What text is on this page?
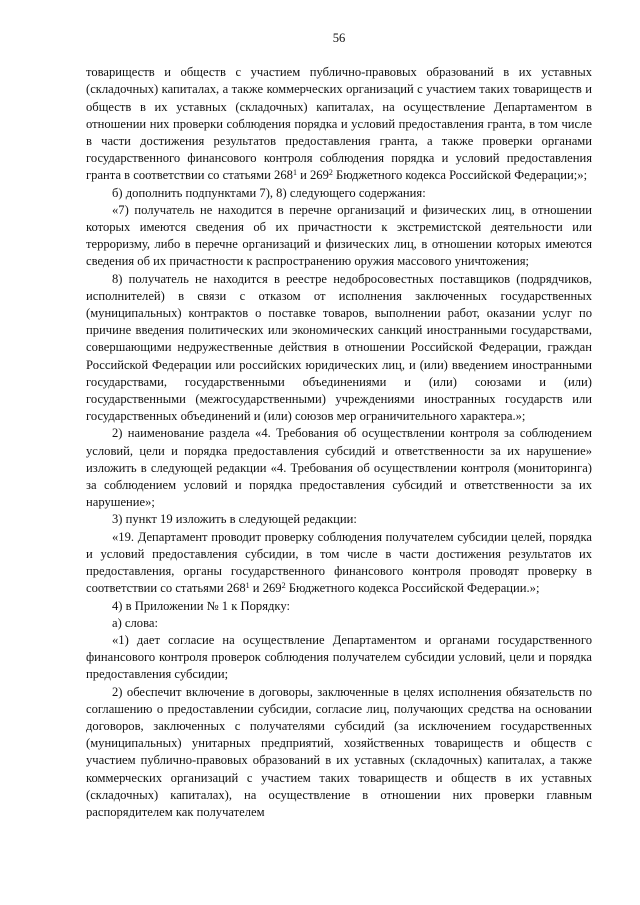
56

товариществ и обществ с участием публично-правовых образований в их уставных (складочных) капиталах, а также коммерческих организаций с участием таких товариществ и обществ в их уставных (складочных) капиталах, на осуществление Департаментом в отношении них проверки соблюдения порядка и условий предоставления гранта, в том числе в части достижения результатов предоставления гранта, а также проверки органами государственного финансового контроля соблюдения порядка и условий предоставления гранта в соответствии со статьями $268^1$ и $269^2$ Бюджетного кодекса Российской Федерации;»;

б) дополнить подпунктами 7), 8) следующего содержания:

«7) получатель не находится в перечне организаций и физических лиц, в отношении которых имеются сведения об их причастности к экстремистской деятельности или терроризму, либо в перечне организаций и физических лиц, в отношении которых имеются сведения об их причастности к распространению оружия массового уничтожения;

8) получатель не находится в реестре недобросовестных поставщиков (подрядчиков, исполнителей) в связи с отказом от исполнения заключенных государственных (муниципальных) контрактов о поставке товаров, выполнении работ, оказании услуг по причине введения политических или экономических санкций иностранными государствами, совершающими недружественные действия в отношении Российской Федерации, граждан Российской Федерации или российских юридических лиц, и (или) введением иностранными государствами, государственными объединениями и (или) союзами и (или) государственными (межгосударственными) учреждениями иностранных государств или государственных объединений и (или) союзов мер ограничительного характера.»;

2) наименование раздела «4. Требования об осуществлении контроля за соблюдением условий, цели и порядка предоставления субсидий и ответственности за их нарушение» изложить в следующей редакции «4. Требования об осуществлении контроля (мониторинга) за соблюдением условий и порядка предоставления субсидий и ответственности за их нарушение»;

3) пункт 19 изложить в следующей редакции:

«19. Департамент проводит проверку соблюдения получателем субсидии целей, порядка и условий предоставления субсидии, в том числе в части достижения результатов их предоставления, органы государственного финансового контроля проводят проверку в соответствии со статьями $268^1$ и $269^2$ Бюджетного кодекса Российской Федерации.»;

4) в Приложении № 1 к Порядку:

а) слова:

«1) дает согласие на осуществление Департаментом и органами государственного финансового контроля проверок соблюдения получателем субсидии условий, цели и порядка предоставления субсидии;

2) обеспечит включение в договоры, заключенные в целях исполнения обязательств по соглашению о предоставлении субсидии, согласие лиц, получающих средства на основании договоров, заключенных с получателями субсидий (за исключением государственных (муниципальных) унитарных предприятий, хозяйственных товариществ и обществ с участием публично-правовых образований в их уставных (складочных) капиталах, а также коммерческих организаций с участием таких товариществ и обществ в их уставных (складочных) капиталах), на осуществление в отношении них проверки главным распорядителем как получателем
